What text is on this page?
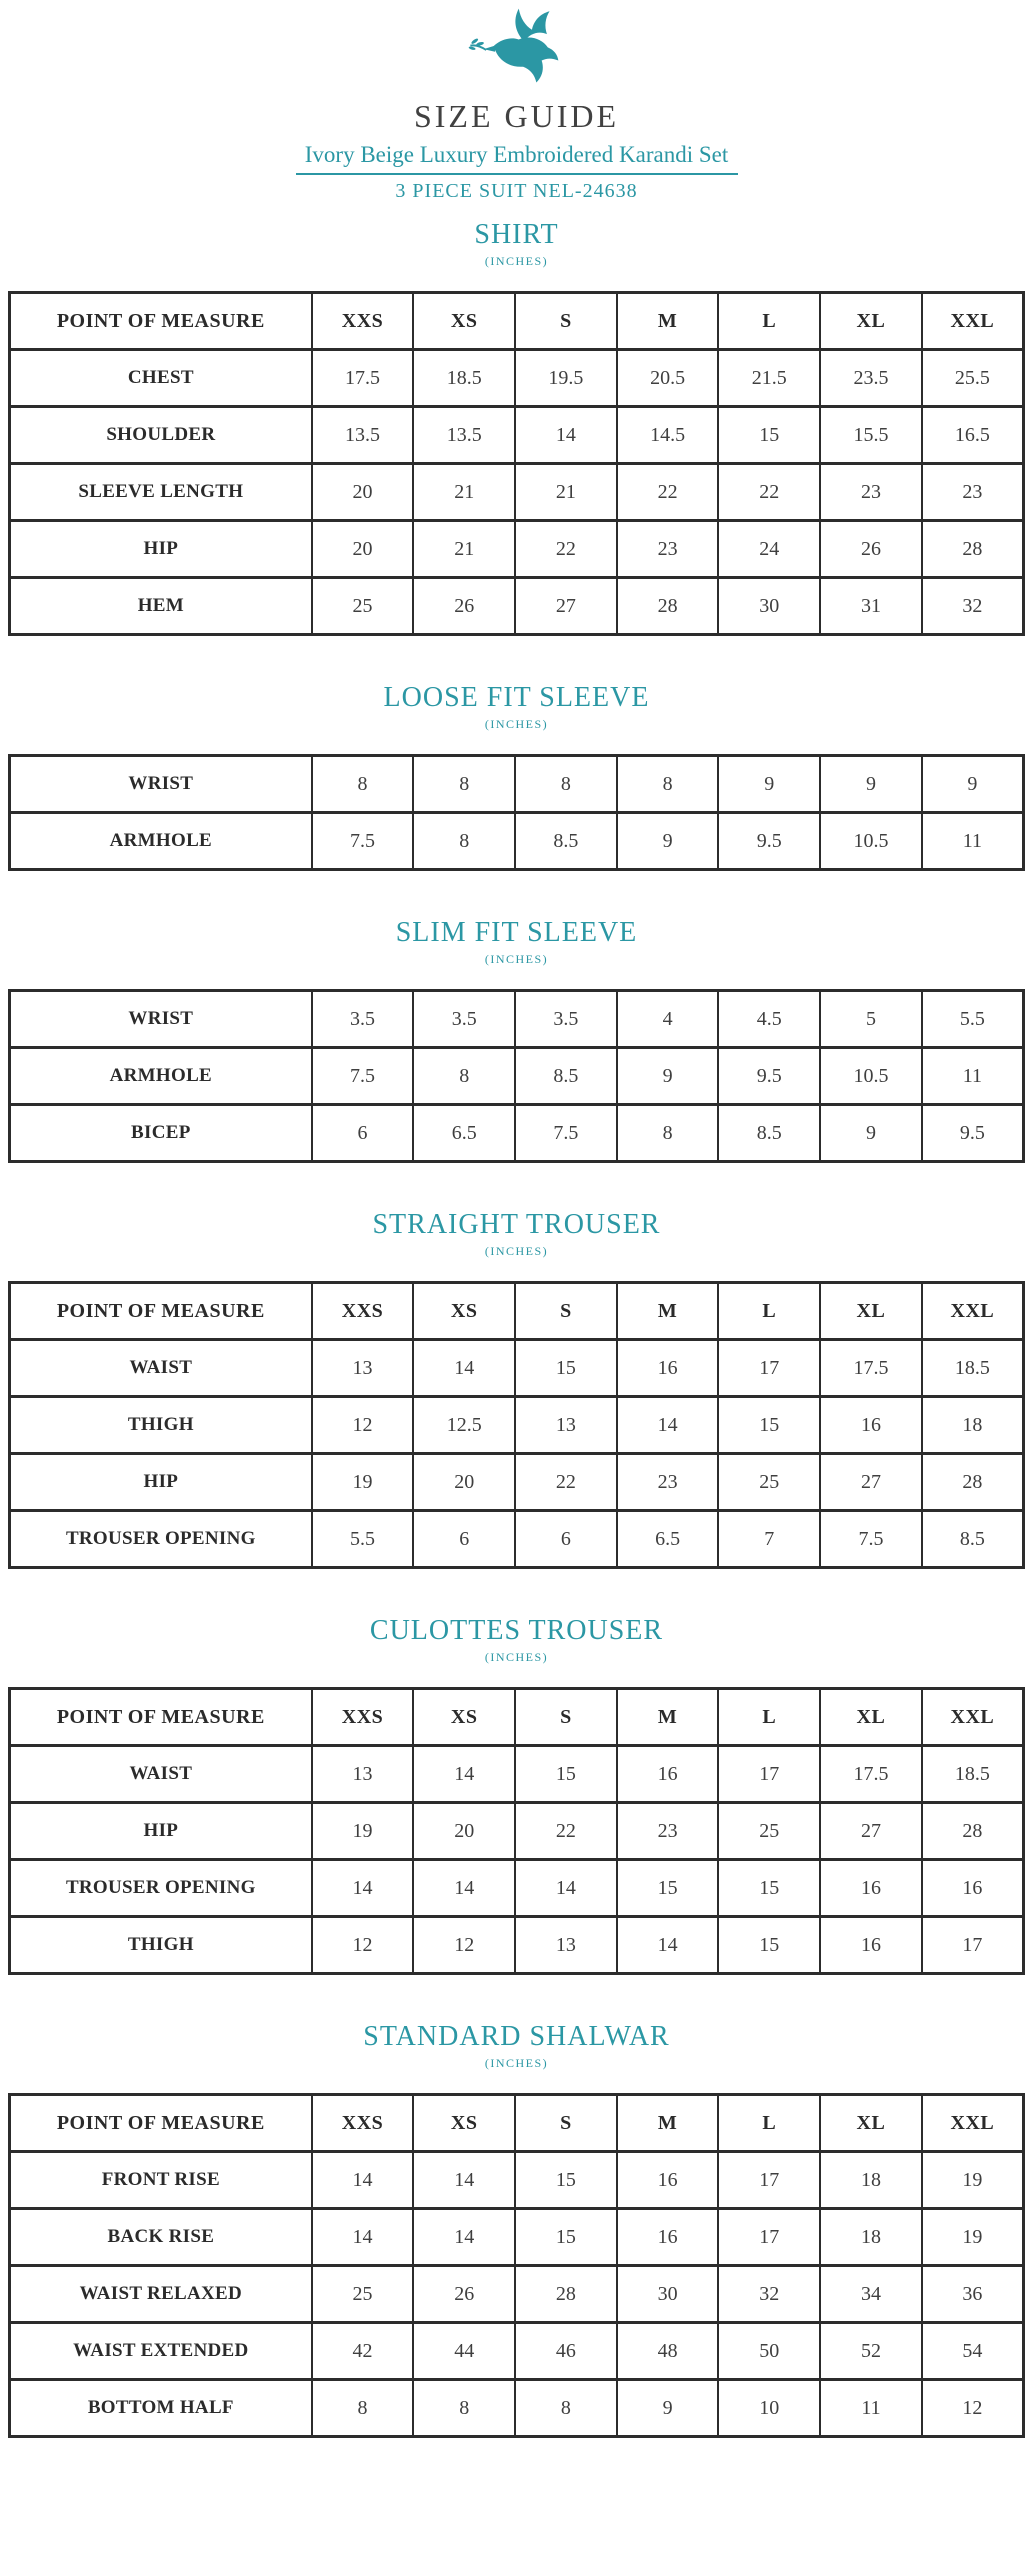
SIZE GUIDE
Ivory Beige Luxury Embroidered Karandi Set
3 PIECE SUIT NEL-24638
SHIRT
(INCHES)
POINT OF MEASURE	XXS	XS	S	M	L	XL	XXL
CHEST	17.5	18.5	19.5	20.5	21.5	23.5	25.5
SHOULDER	13.5	13.5	14	14.5	15	15.5	16.5
SLEEVE LENGTH	20	21	21	22	22	23	23
HIP	20	21	22	23	24	26	28
HEM	25	26	27	28	30	31	32
LOOSE FIT SLEEVE
(INCHES)
WRIST	8	8	8	8	9	9	9
ARMHOLE	7.5	8	8.5	9	9.5	10.5	11
SLIM FIT SLEEVE
(INCHES)
WRIST	3.5	3.5	3.5	4	4.5	5	5.5
ARMHOLE	7.5	8	8.5	9	9.5	10.5	11
BICEP	6	6.5	7.5	8	8.5	9	9.5
STRAIGHT TROUSER
(INCHES)
POINT OF MEASURE	XXS	XS	S	M	L	XL	XXL
WAIST	13	14	15	16	17	17.5	18.5
THIGH	12	12.5	13	14	15	16	18
HIP	19	20	22	23	25	27	28
TROUSER OPENING	5.5	6	6	6.5	7	7.5	8.5
CULOTTES TROUSER
(INCHES)
POINT OF MEASURE	XXS	XS	S	M	L	XL	XXL
WAIST	13	14	15	16	17	17.5	18.5
HIP	19	20	22	23	25	27	28
TROUSER OPENING	14	14	14	15	15	16	16
THIGH	12	12	13	14	15	16	17
STANDARD SHALWAR
(INCHES)
POINT OF MEASURE	XXS	XS	S	M	L	XL	XXL
FRONT RISE	14	14	15	16	17	18	19
BACK RISE	14	14	15	16	17	18	19
WAIST RELAXED	25	26	28	30	32	34	36
WAIST EXTENDED	42	44	46	48	50	52	54
BOTTOM HALF	8	8	8	9	10	11	12
